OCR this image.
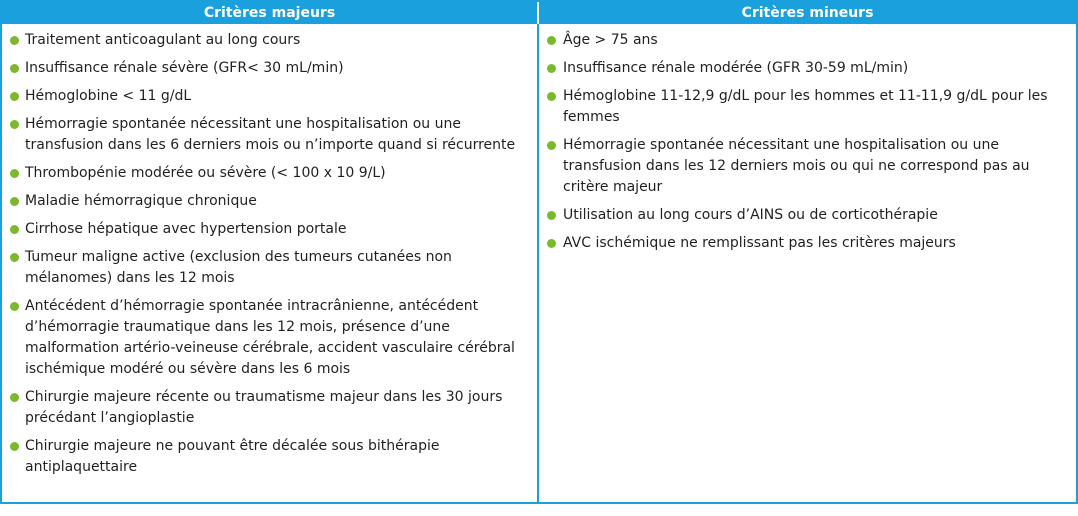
Critères majeurs	Critères mineurs
Traitement anticoagulant au long cours
Insuffisance rénale sévère (GFR< 30 mL/min)
Hémoglobine < 11 g/dL
Hémorragie spontanée nécessitant une hospitalisation ou une transfusion dans les 6 derniers mois ou n’importe quand si récurrente
Thrombopénie modérée ou sévère (< 100 x 10 9/L)
Maladie hémorragique chronique
Cirrhose hépatique avec hypertension portale
Tumeur maligne active (exclusion des tumeurs cutanées non mélanomes) dans les 12 mois
Antécédent d’hémorragie spontanée intracrânienne, antécédent d’hémorragie traumatique dans les 12 mois, présence d’une malformation artério-veineuse cérébrale, accident vasculaire cérébral ischémique modéré ou sévère dans les 6 mois
Chirurgie majeure récente ou traumatisme majeur dans les 30 jours précédant l’angioplastie
Chirurgie majeure ne pouvant être décalée sous bithérapie antiplaquettaire
Âge > 75 ans
Insuffisance rénale modérée (GFR 30-59 mL/min)
Hémoglobine 11-12,9 g/dL pour les hommes et 11-11,9 g/dL pour les femmes
Hémorragie spontanée nécessitant une hospitalisation ou une transfusion dans les 12 derniers mois ou qui ne correspond pas au critère majeur
Utilisation au long cours d’AINS ou de corticothérapie
AVC ischémique ne remplissant pas les critères majeurs
